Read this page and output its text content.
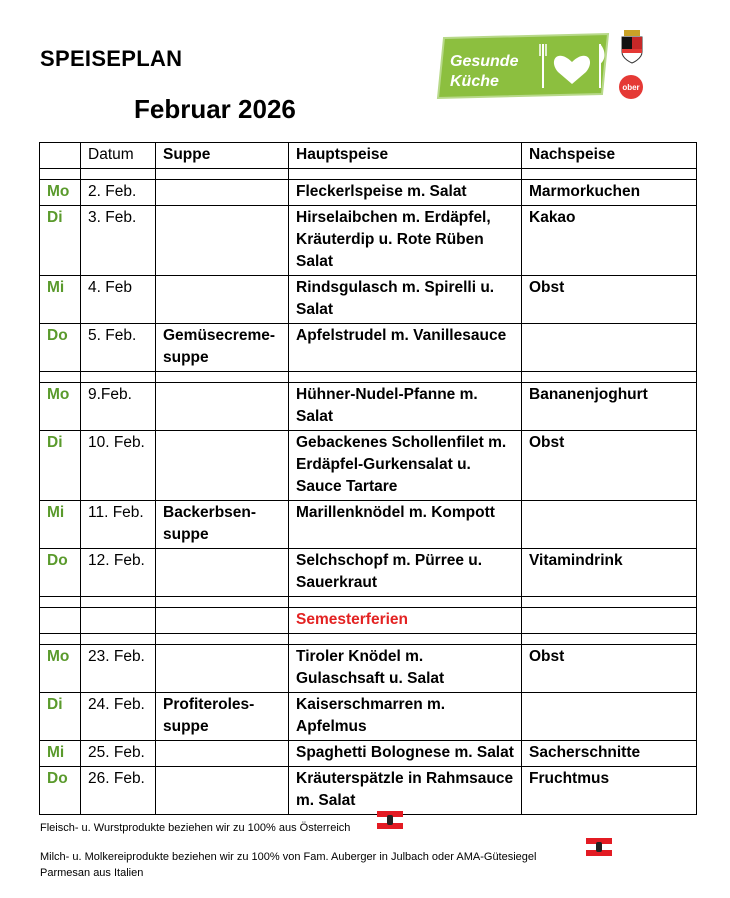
SPEISEPLAN
Februar 2026
Gesunde
Küche	ober
	Datum	Suppe	Hauptspeise	Nachspeise

Mo	2. Feb.		Fleckerlspeise m. Salat	Marmorkuchen
Di	3. Feb.		Hirselaibchen m. Erdäpfel, Kräuterdip u. Rote Rüben Salat	Kakao
Mi	4. Feb		Rindsgulasch m. Spirelli u. Salat	Obst
Do	5. Feb.	Gemüsecreme-suppe	Apfelstrudel m. Vanillesauce	

Mo	9.Feb.		Hühner-Nudel-Pfanne m. Salat	Bananenjoghurt
Di	10. Feb.		Gebackenes Schollenfilet m. Erdäpfel-Gurkensalat u. Sauce Tartare	Obst
Mi	11. Feb.	Backerbsen-suppe	Marillenknödel m. Kompott	
Do	12. Feb.		Selchschopf m. Pürree u. Sauerkraut	Vitamindrink

			Semesterferien	

Mo	23. Feb.		Tiroler Knödel m. Gulaschsaft u. Salat	Obst
Di	24. Feb.	Profiteroles-suppe	Kaiserschmarren m. Apfelmus	
Mi	25. Feb.		Spaghetti Bolognese m. Salat	Sacherschnitte
Do	26. Feb.		Kräuterspätzle in Rahmsauce m. Salat	Fruchtmus
Fleisch- u. Wurstprodukte beziehen wir zu 100% aus Österreich
Milch- u. Molkereiprodukte beziehen wir zu 100% von Fam. Auberger in Julbach oder AMA-Gütesiegel
Parmesan aus Italien
